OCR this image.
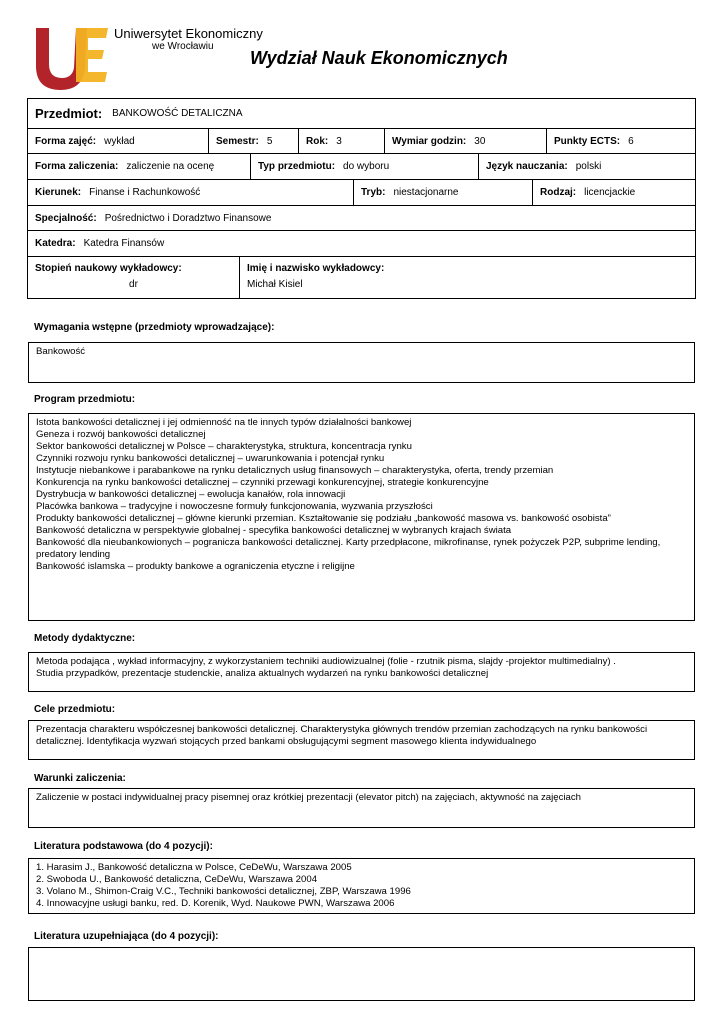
Uniwersytet Ekonomiczny
we Wrocławiu
Wydział Nauk Ekonomicznych
Przedmiot: BANKOWOŚĆ DETALICZNA
Forma zajęć: wykład	Semestr: 5	Rok: 3	Wymiar godzin: 30	Punkty ECTS: 6
Forma zaliczenia: zaliczenie na ocenę	Typ przedmiotu: do wyboru	Język nauczania: polski
Kierunek: Finanse i Rachunkowość	Tryb: niestacjonarne	Rodzaj: licencjackie
Specjalność: Pośrednictwo i Doradztwo Finansowe
Katedra: Katedra Finansów
Stopień naukowy wykładowcy:
dr
Imię i nazwisko wykładowcy:
Michał Kisiel
Wymagania wstępne (przedmioty wprowadzające):
Bankowość
Program przedmiotu:
Istota bankowości detalicznej i jej odmienność na tle innych typów działalności bankowej
Geneza i rozwój bankowości detalicznej
Sektor bankowości detalicznej w Polsce – charakterystyka, struktura, koncentracja rynku
Czynniki rozwoju rynku bankowości detalicznej – uwarunkowania i potencjał rynku
Instytucje niebankowe i parabankowe na rynku detalicznych usług finansowych – charakterystyka, oferta, trendy przemian
Konkurencja na rynku bankowości detalicznej – czynniki przewagi konkurencyjnej, strategie konkurencyjne
Dystrybucja w bankowości detalicznej – ewolucja kanałów, rola innowacji
Placówka bankowa – tradycyjne i nowoczesne formuły funkcjonowania, wyzwania przyszłości
Produkty bankowości detalicznej – główne kierunki przemian. Kształtowanie się podziału „bankowość masowa vs. bankowość osobista”
Bankowość detaliczna w perspektywie globalnej - specyfika bankowości detalicznej w wybranych krajach świata
Bankowość dla nieubankowionych – pogranicza bankowości detalicznej. Karty przedpłacone, mikrofinanse, rynek pożyczek P2P, subprime lending, predatory lending
Bankowość islamska – produkty bankowe a ograniczenia etyczne i religijne
Metody dydaktyczne:
Metoda podająca , wykład informacyjny, z wykorzystaniem techniki audiowizualnej (folie - rzutnik pisma, slajdy -projektor multimedialny) .
Studia przypadków, prezentacje studenckie, analiza aktualnych wydarzeń na rynku bankowości detalicznej
Cele przedmiotu:
Prezentacja charakteru współczesnej bankowości detalicznej. Charakterystyka głównych trendów przemian zachodzących na rynku bankowości detalicznej. Identyfikacja wyzwań stojących przed bankami obsługującymi segment masowego klienta indywidualnego
Warunki zaliczenia:
Zaliczenie w postaci indywidualnej pracy pisemnej oraz krótkiej prezentacji (elevator pitch) na zajęciach, aktywność na zajęciach
Literatura podstawowa (do 4 pozycji):
1. Harasim J., Bankowość detaliczna w Polsce, CeDeWu, Warszawa 2005
2. Swoboda U., Bankowość detaliczna, CeDeWu, Warszawa 2004
3. Volano M., Shimon-Craig V.C., Techniki bankowości detalicznej, ZBP, Warszawa 1996
4. Innowacyjne usługi banku, red. D. Korenik, Wyd. Naukowe PWN, Warszawa 2006
Literatura uzupełniająca (do 4 pozycji):
